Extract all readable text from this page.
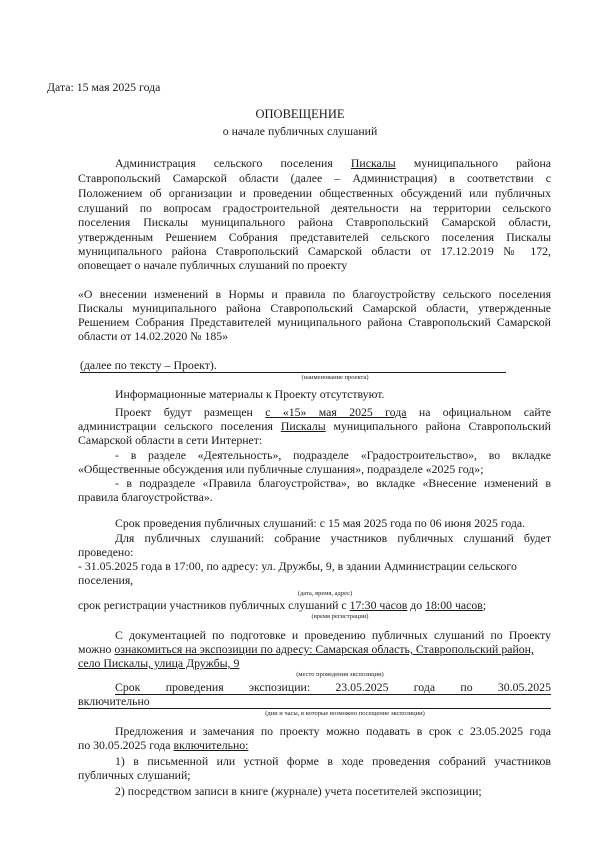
Дата: 15 мая 2025 года
ОПОВЕЩЕНИЕ
о начале публичных слушаний
Администрация сельского поселения Пискалы муниципального района
Ставропольский Самарской области (далее – Администрация) в соответствии с
Положением об организации и проведении общественных обсуждений или публичных
слушаний по вопросам градостроительной деятельности на территории сельского
поселения Пискалы муниципального района Ставропольский Самарской области,
утвержденным Решением Собрания представителей сельского поселения Пискалы
муниципального района Ставропольский Самарской области от 17.12.2019 № 172,
оповещает о начале публичных слушаний по проекту
«О внесении изменений в Нормы и правила по благоустройству сельского поселения
Пискалы муниципального района Ставропольский Самарской области, утвержденные
Решением Собрания Представителей муниципального района Ставропольский Самарской
области от 14.02.2020 № 185»
(далее по тексту – Проект).
(наименование проекта)
Информационные материалы к Проекту отсутствуют.
Проект будут размещен с «15» мая 2025 года на официальном сайте
администрации сельского поселения Пискалы муниципального района Ставропольский
Самарской области в сети Интернет:
- в разделе «Деятельность», подразделе «Градостроительство», во вкладке
«Общественные обсуждения или публичные слушания», подразделе «2025 год»;
- в подразделе «Правила благоустройства», во вкладке «Внесение изменений в
правила благоустройства».
Срок проведения публичных слушаний: с 15 мая 2025 года по 06 июня 2025 года.
Для публичных слушаний: собрание участников публичных слушаний будет
проведено:
- 31.05.2025 года в 17:00, по адресу: ул. Дружбы, 9, в здании Администрации сельского
поселения,
(дата, время, адрес)
срок регистрации участников публичных слушаний с 17:30 часов до 18:00 часов;
(время регистрации)
С документацией по подготовке и проведению публичных слушаний по Проекту
можно ознакомиться на экспозиции по адресу: Самарская область, Ставропольский район,
село Пискалы, улица Дружбы, 9
(место проведения экспозиции)
Срок проведения экспозиции: 23.05.2025 года по 30.05.2025
включительно
(дни и часы, в которые возможно посещение экспозиции)
Предложения и замечания по проекту можно подавать в срок с 23.05.2025 года
по 30.05.2025 года включительно:
1) в письменной или устной форме в ходе проведения собраний участников
публичных слушаний;
2) посредством записи в книге (журнале) учета посетителей экспозиции;
